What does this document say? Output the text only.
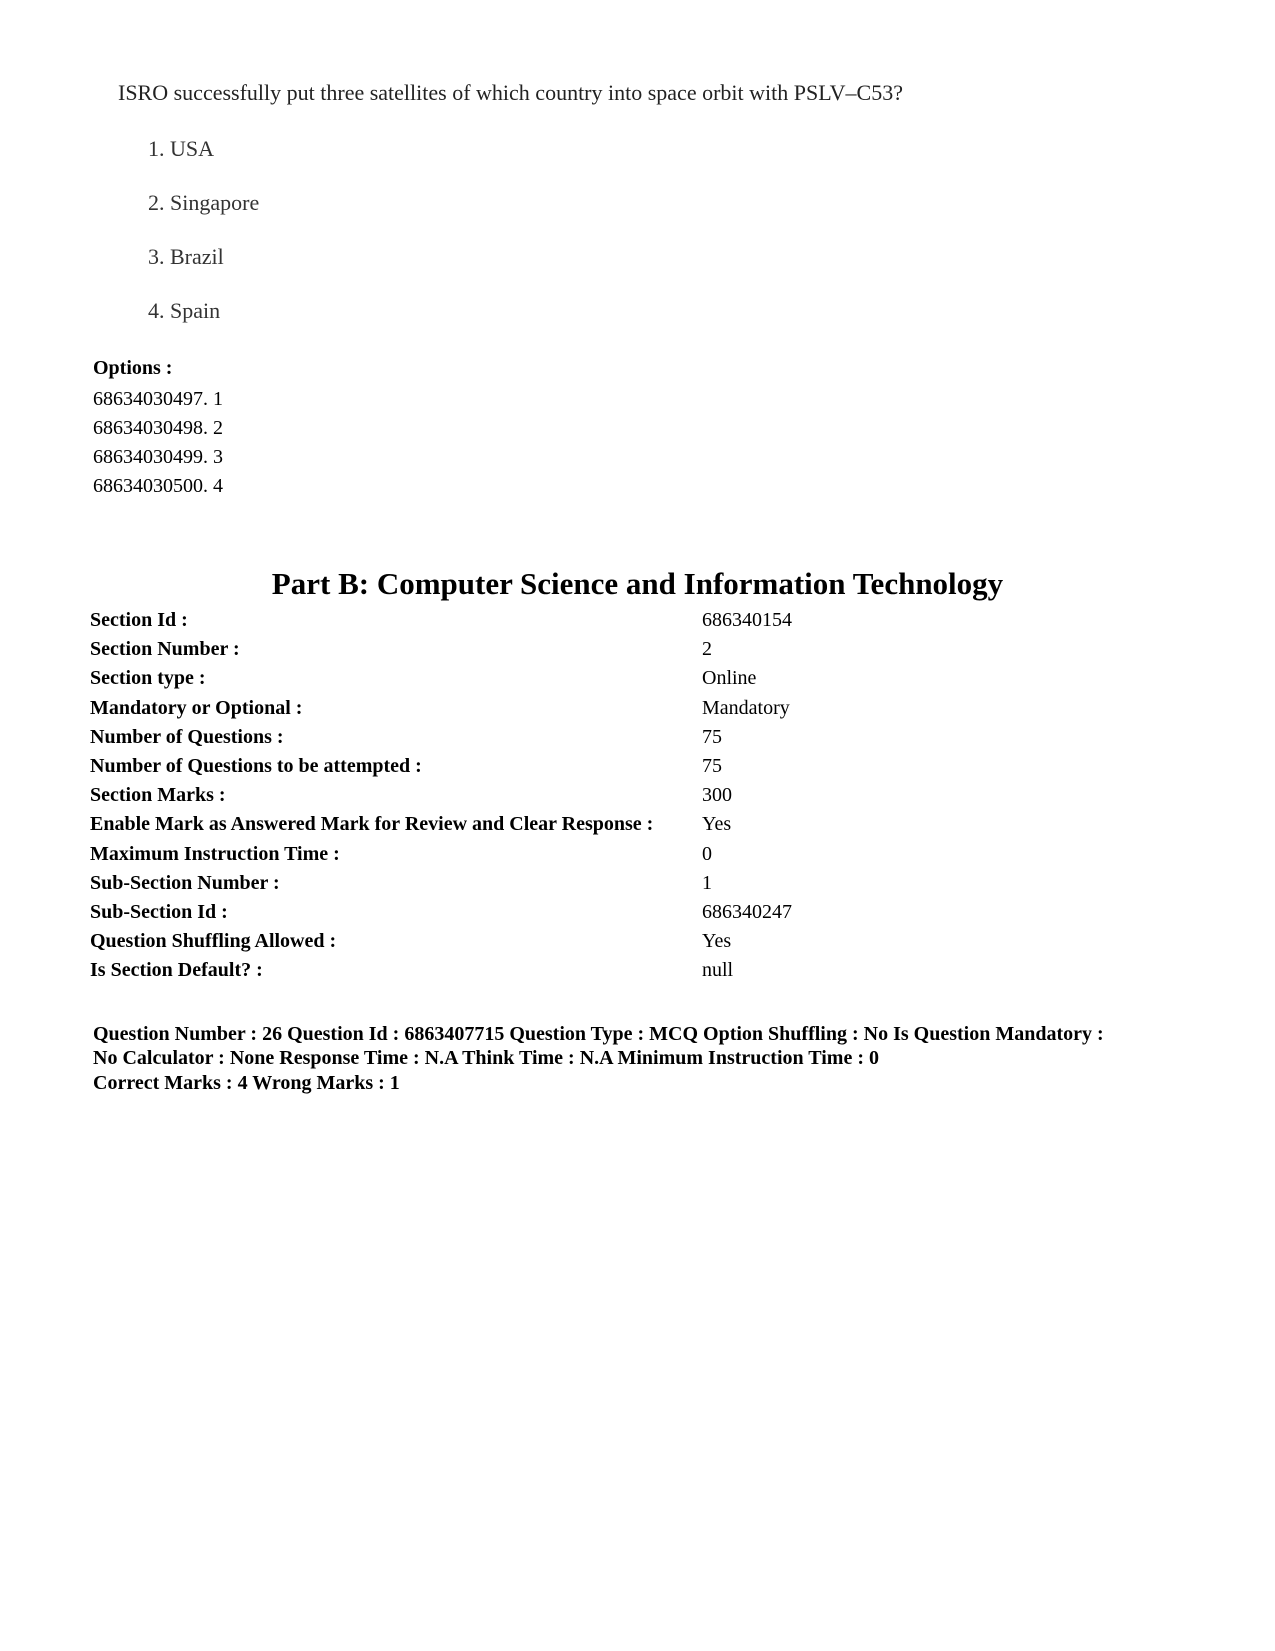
ISRO successfully put three satellites of which country into space orbit with PSLV–C53?
1. USA
2. Singapore
3. Brazil
4. Spain
Options :
68634030497. 1
68634030498. 2
68634030499. 3
68634030500. 4
Part B: Computer Science and Information Technology
Section Id :	686340154
Section Number :	2
Section type :	Online
Mandatory or Optional :	Mandatory
Number of Questions :	75
Number of Questions to be attempted :	75
Section Marks :	300
Enable Mark as Answered Mark for Review and Clear Response :	Yes
Maximum Instruction Time :	0
Sub-Section Number :	1
Sub-Section Id :	686340247
Question Shuffling Allowed :	Yes
Is Section Default? :	null
Question Number : 26 Question Id : 6863407715 Question Type : MCQ Option Shuffling : No Is Question Mandatory :
No Calculator : None Response Time : N.A Think Time : N.A Minimum Instruction Time : 0
Correct Marks : 4 Wrong Marks : 1
